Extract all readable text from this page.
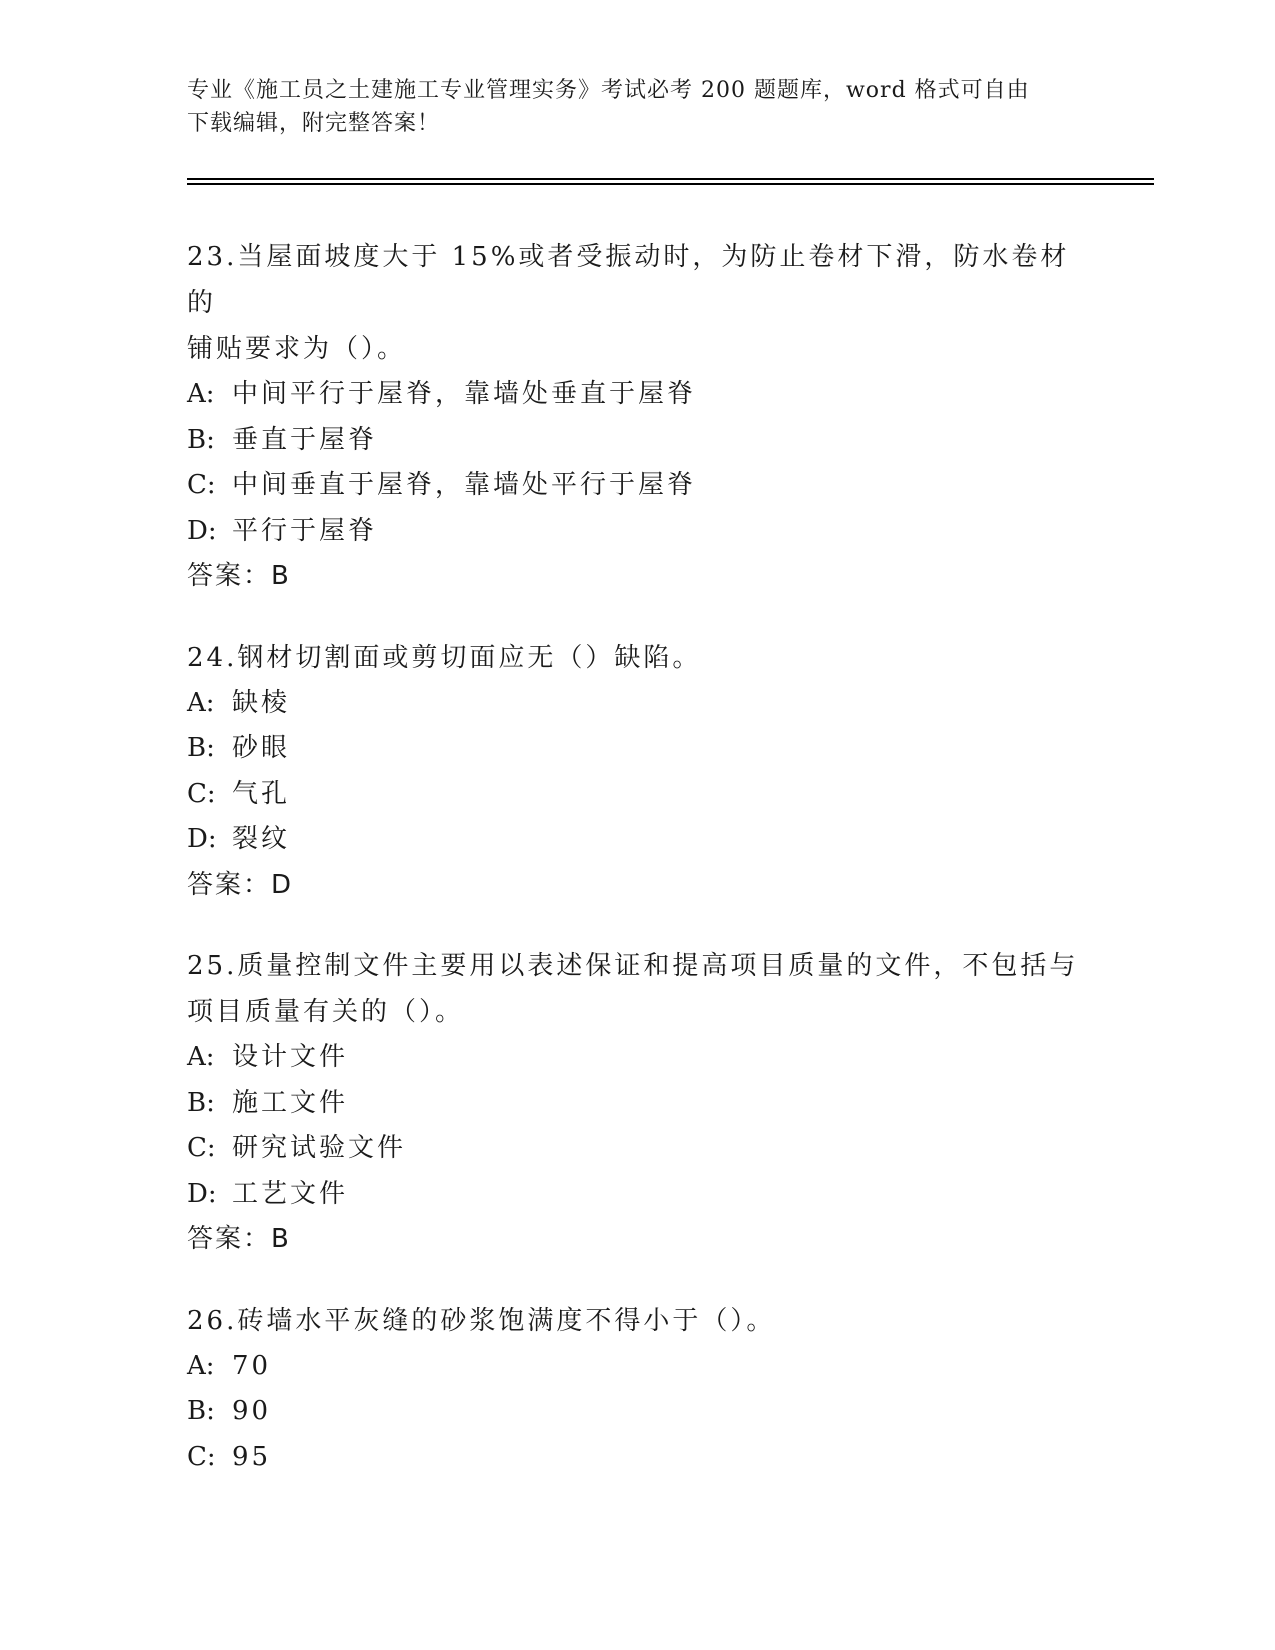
专业《施工员之土建施工专业管理实务》考试必考 200 题题库，word 格式可自由
下载编辑，附完整答案！

23.当屋面坡度大于 15%或者受振动时，为防止卷材下滑，防水卷材的

铺贴要求为（）。

A: 中间平行于屋脊，靠墙处垂直于屋脊

B: 垂直于屋脊

C: 中间垂直于屋脊，靠墙处平行于屋脊

D: 平行于屋脊

答案：B

24.钢材切割面或剪切面应无（）缺陷。

A: 缺棱

B: 砂眼

C: 气孔

D: 裂纹

答案：D

25.质量控制文件主要用以表述保证和提高项目质量的文件，不包括与

项目质量有关的（）。

A: 设计文件

B: 施工文件

C: 研究试验文件

D: 工艺文件

答案：B

26.砖墙水平灰缝的砂浆饱满度不得小于（）。

A: 70

B: 90

C: 95
